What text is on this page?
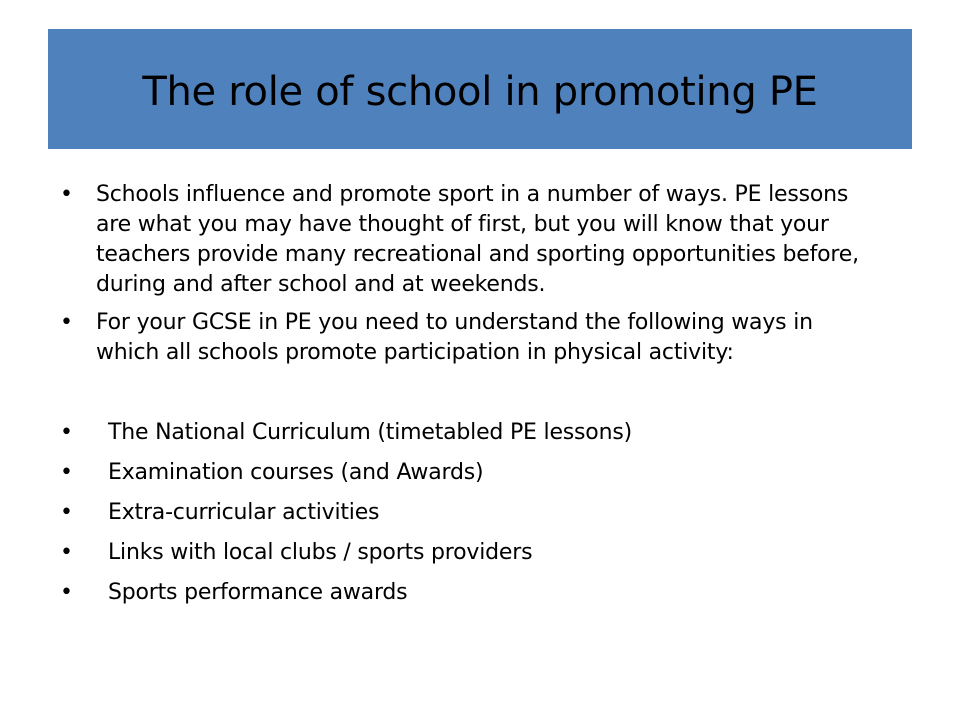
The role of school in promoting PE
• Schools influence and promote sport in a number of ways. PE lessons are what you may have thought of first, but you will know that your teachers provide many recreational and sporting opportunities before, during and after school and at weekends.
• For your GCSE in PE you need to understand the following ways in which all schools promote participation in physical activity:
• The National Curriculum (timetabled PE lessons)
• Examination courses (and Awards)
• Extra-curricular activities
• Links with local clubs / sports providers
• Sports performance awards
